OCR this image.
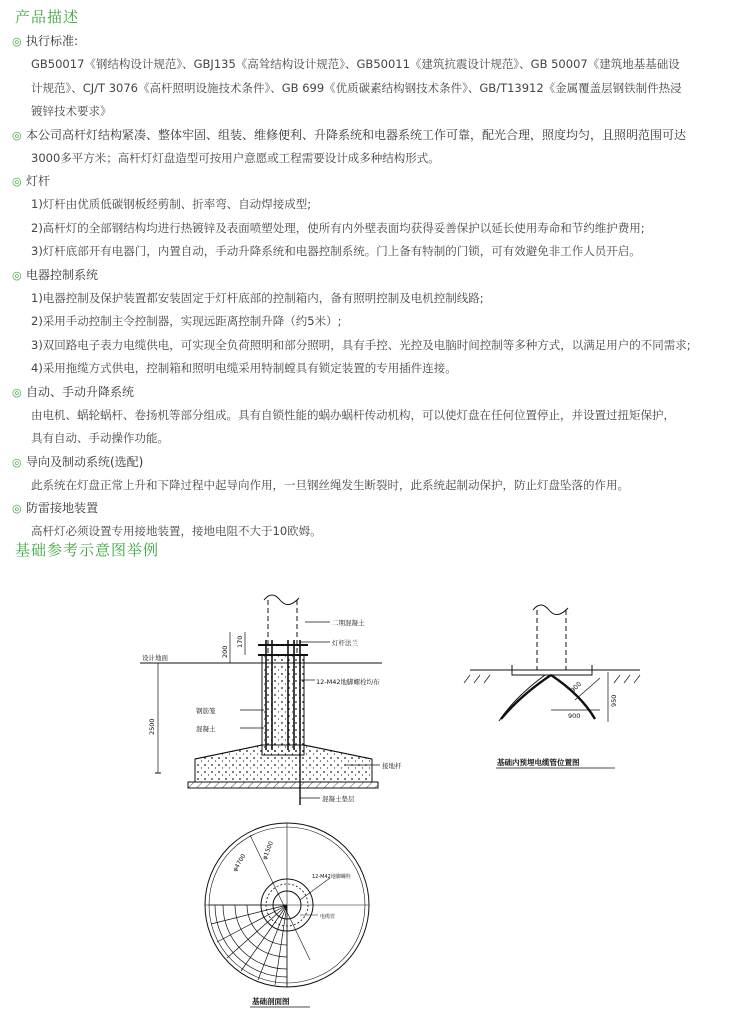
产品描述
◎ 执行标准:

GB50017《钢结构设计规范》、GBJ135《高耸结构设计规范》、GB50011《建筑抗震设计规范》、GB 50007《建筑地基基础设

计规范》、CJ/T 3076《高杆照明设施技术条件》、GB 699《优质碳素结构钢技术条件》、GB/T13912《金属覆盖层钢铁制件热浸

镀锌技术要求》

◎ 本公司高杆灯结构紧凑、整体牢固、组装、维修便利、升降系统和电器系统工作可靠，配光合理，照度均匀，且照明范围可达

3000多平方米；高杆灯灯盘造型可按用户意愿或工程需要设计成多种结构形式。

◎ 灯杆

1)灯杆由优质低碳钢板经剪制、折率弯、自动焊接成型;

2)高杆灯的全部钢结构均进行热镀锌及表面喷塑处理，使所有内外壁表面均获得妥善保护以延长使用寿命和节约维护费用;

3)灯杆底部开有电器门，内置自动，手动升降系统和电器控制系统。门上备有特制的门锁，可有效避免非工作人员开启。

◎ 电器控制系统

1)电器控制及保护装置都安装固定于灯杆底部的控制箱内，备有照明控制及电机控制线路;

2)采用手动控制主令控制器，实现远距离控制升降（约5米）;

3)双回路电子表力电缆供电，可实现全负荷照明和部分照明，具有手控、光控及电脑时间控制等多种方式，以满足用户的不同需求;

4)采用拖缆方式供电，控制箱和照明电缆采用特制螳具有锁定装置的专用插件连接。

◎ 自动、手动升降系统

由电机、蜗轮蜗杆、卷扬机等部分组成。具有自锁性能的蜗办蜗杆传动机构，可以使灯盘在任何位置停止，并设置过扭矩保护，

具有自动、手动操作功能。

◎ 导向及制动系统(选配)

此系统在灯盘正常上升和下降过程中起导向作用，一旦钢丝绳发生断裂时，此系统起制动保护，防止灯盘坠落的作用。

◎ 防雷接地装置

高杆灯必须设置专用接地装置，接地电阻不大于10欧姆。

基础参考示意图举例
二期混凝土
灯杆法兰
设计地面
12-M42地脚螺栓均布
钢筋笼
混凝土
接地杆
混凝土垫层
200
170
2500
900
900
950
基础内预埋电缆管位置图
φ4700
φ1500
12-M42地脚螺栓
电缆管
基础剖面图
